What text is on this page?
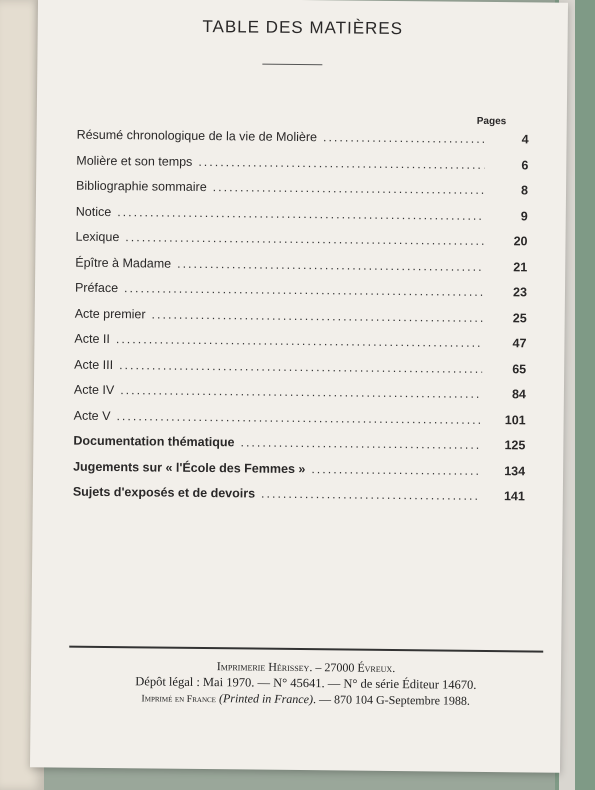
TABLE DES MATIÈRES
Pages
Résumé chronologique de la vie de Molière .....	4
Molière et son temps .....	6
Bibliographie sommaire .....	8
Notice .....	9
Lexique .....	20
Épître à Madame .....	21
Préface .....	23
Acte premier .....	25
Acte II .....	47
Acte III .....	65
Acte IV .....	84
Acte V .....	101
Documentation thématique .....	125
Jugements sur « l'École des Femmes » .....	134
Sujets d'exposés et de devoirs .....	141
Imprimerie Hérissey. – 27000 Évreux.
Dépôt légal : Mai 1970. — N° 45641. — N° de série Éditeur 14670.
Imprimé en France (Printed in France). — 870 104 G-Septembre 1988.
